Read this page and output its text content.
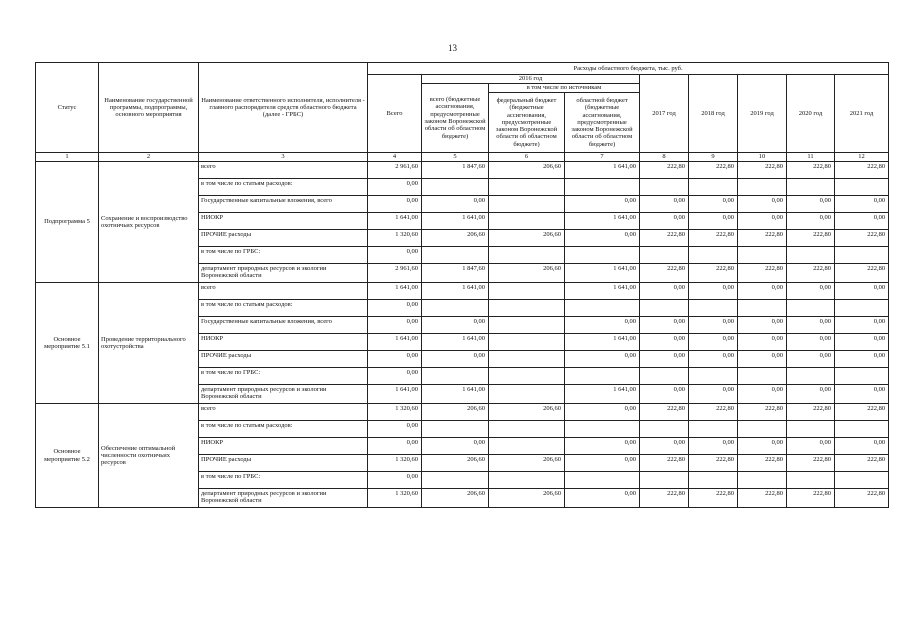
13
Статус	Наименование государственной программы, подпрограммы, основного мероприятия	Наименование ответственного исполнителя, исполнителя - главного распорядителя средств областного бюджета (далее - ГРБС)	Расходы областного бюджета, тыс. руб.								
			Всего	2016 год			2017 год	2018 год	2019 год	2020 год	2021 год
				всего (бюджетные ассигнования, предусмотренные законом Воронежской области об областном бюджете)	в том числе по источникам						
					федеральный бюджет (бюджетные ассигнования, предусмотренные законом Воронежской области об областном бюджете)	областной бюджет (бюджетные ассигнования, предусмотренные законом Воронежской области об областном бюджете)					
1	2	3	4	5	6	7	8	9	10	11	12
Подпрограмма 5	Сохранение и воспроизводство охотничьих ресурсов	всего	2 961,60	1 847,60	206,60	1 641,00	222,80	222,80	222,80	222,80	222,80
		в том числе по статьям расходов:	0,00								
		Государственные капитальные вложения, всего	0,00	0,00		0,00	0,00	0,00	0,00	0,00	0,00
		НИОКР	1 641,00	1 641,00		1 641,00	0,00	0,00	0,00	0,00	0,00
		ПРОЧИЕ расходы	1 320,60	206,60	206,60	0,00	222,80	222,80	222,80	222,80	222,80
		в том числе по ГРБС:	0,00								
		департамент природных ресурсов и экологии Воронежской области	2 961,60	1 847,60	206,60	1 641,00	222,80	222,80	222,80	222,80	222,80
Основное мероприятие 5.1	Проведение территориального охотустройства	всего	1 641,00	1 641,00		1 641,00	0,00	0,00	0,00	0,00	0,00
		в том числе по статьям расходов:	0,00								
		Государственные капитальные вложения, всего	0,00	0,00		0,00	0,00	0,00	0,00	0,00	0,00
		НИОКР	1 641,00	1 641,00		1 641,00	0,00	0,00	0,00	0,00	0,00
		ПРОЧИЕ расходы	0,00	0,00		0,00	0,00	0,00	0,00	0,00	0,00
		в том числе по ГРБС:	0,00								
		департамент природных ресурсов и экологии Воронежской области	1 641,00	1 641,00		1 641,00	0,00	0,00	0,00	0,00	0,00
Основное мероприятие 5.2	Обеспечение оптимальной численности охотничьих ресурсов	всего	1 320,60	206,60	206,60	0,00	222,80	222,80	222,80	222,80	222,80
		в том числе по статьям расходов:	0,00								
		НИОКР	0,00	0,00		0,00	0,00	0,00	0,00	0,00	0,00
		ПРОЧИЕ расходы	1 320,60	206,60	206,60	0,00	222,80	222,80	222,80	222,80	222,80
		в том числе по ГРБС:	0,00								
		департамент природных ресурсов и экологии Воронежской области	1 320,60	206,60	206,60	0,00	222,80	222,80	222,80	222,80	222,80
